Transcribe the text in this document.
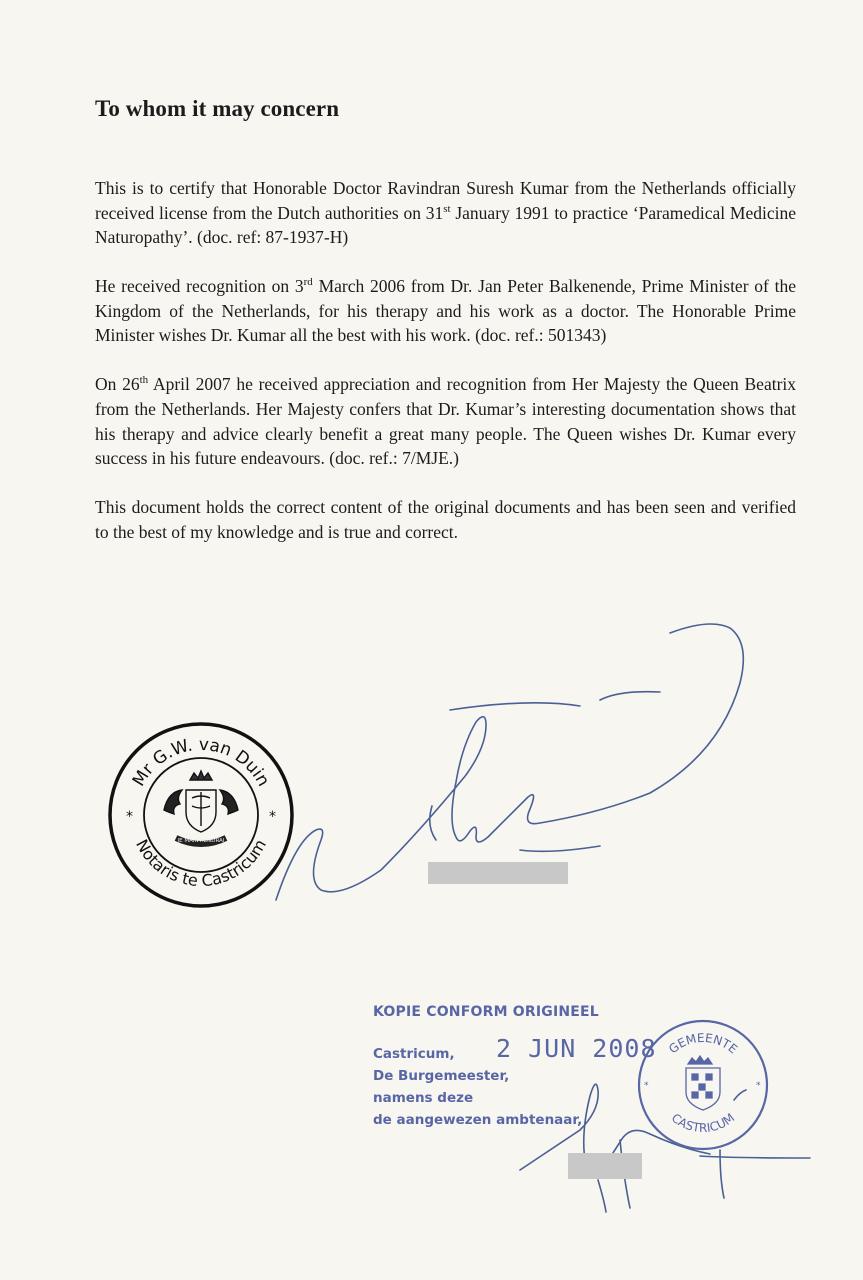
To whom it may concern

This is to certify that Honorable Doctor Ravindran Suresh Kumar from the Netherlands officially received license from the Dutch authorities on 31st January 1991 to practice ‘Paramedical Medicine Naturopathy’. (doc. ref: 87-1937-H)

He received recognition on 3rd March 2006 from Dr. Jan Peter Balkenende, Prime Minister of the Kingdom of the Netherlands, for his therapy and his work as a doctor. The Honorable Prime Minister wishes Dr. Kumar all the best with his work. (doc. ref.: 501343)

On 26th April 2007 he received appreciation and recognition from Her Majesty the Queen Beatrix from the Netherlands. Her Majesty confers that Dr. Kumar’s interesting documentation shows that his therapy and advice clearly benefit a great many people. The Queen wishes Dr. Kumar every success in his future endeavours. (doc. ref.: 7/MJE.)

This document holds the correct content of the original documents and has been seen and verified to the best of my knowledge and is true and correct.

Mr G.W. van Duin
Notaris te Castricum
*	*
JE MAINTIENDRAI
KOPIE CONFORM ORIGINEEL
Castricum, 2 JUN 2008
De Burgemeester,
namens deze
de aangewezen ambtenaar,
GEMEENTE
CASTRICUM
*	*
